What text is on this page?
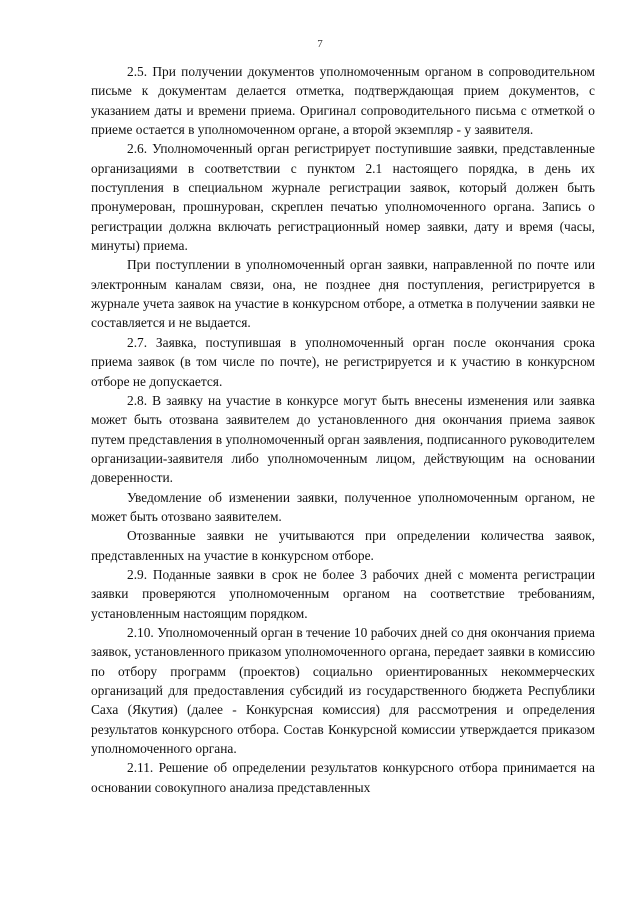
7

2.5. При получении документов уполномоченным органом в сопроводительном письме к документам делается отметка, подтверждающая прием документов, с указанием даты и времени приема. Оригинал сопроводительного письма с отметкой о приеме остается в уполномоченном органе, а второй экземпляр - у заявителя.

2.6. Уполномоченный орган регистрирует поступившие заявки, представленные организациями в соответствии с пунктом 2.1 настоящего порядка, в день их поступления в специальном журнале регистрации заявок, который должен быть пронумерован, прошнурован, скреплен печатью уполномоченного органа. Запись о регистрации должна включать регистрационный номер заявки, дату и время (часы, минуты) приема.

При поступлении в уполномоченный орган заявки, направленной по почте или электронным каналам связи, она, не позднее дня поступления, регистрируется в журнале учета заявок на участие в конкурсном отборе, а отметка в получении заявки не составляется и не выдается.

2.7. Заявка, поступившая в уполномоченный орган после окончания срока приема заявок (в том числе по почте), не регистрируется и к участию в конкурсном отборе не допускается.

2.8. В заявку на участие в конкурсе могут быть внесены изменения или заявка может быть отозвана заявителем до установленного дня окончания приема заявок путем представления в уполномоченный орган заявления, подписанного руководителем организации-заявителя либо уполномоченным лицом, действующим на основании доверенности.

Уведомление об изменении заявки, полученное уполномоченным органом, не может быть отозвано заявителем.

Отозванные заявки не учитываются при определении количества заявок, представленных на участие в конкурсном отборе.

2.9. Поданные заявки в срок не более 3 рабочих дней с момента регистрации заявки проверяются уполномоченным органом на соответствие требованиям, установленным настоящим порядком.

2.10. Уполномоченный орган в течение 10 рабочих дней со дня окончания приема заявок, установленного приказом уполномоченного органа, передает заявки в комиссию по отбору программ (проектов) социально ориентированных некоммерческих организаций для предоставления субсидий из государственного бюджета Республики Саха (Якутия) (далее - Конкурсная комиссия) для рассмотрения и определения результатов конкурсного отбора. Состав Конкурсной комиссии утверждается приказом уполномоченного органа.

2.11. Решение об определении результатов конкурсного отбора принимается на основании совокупного анализа представленных
